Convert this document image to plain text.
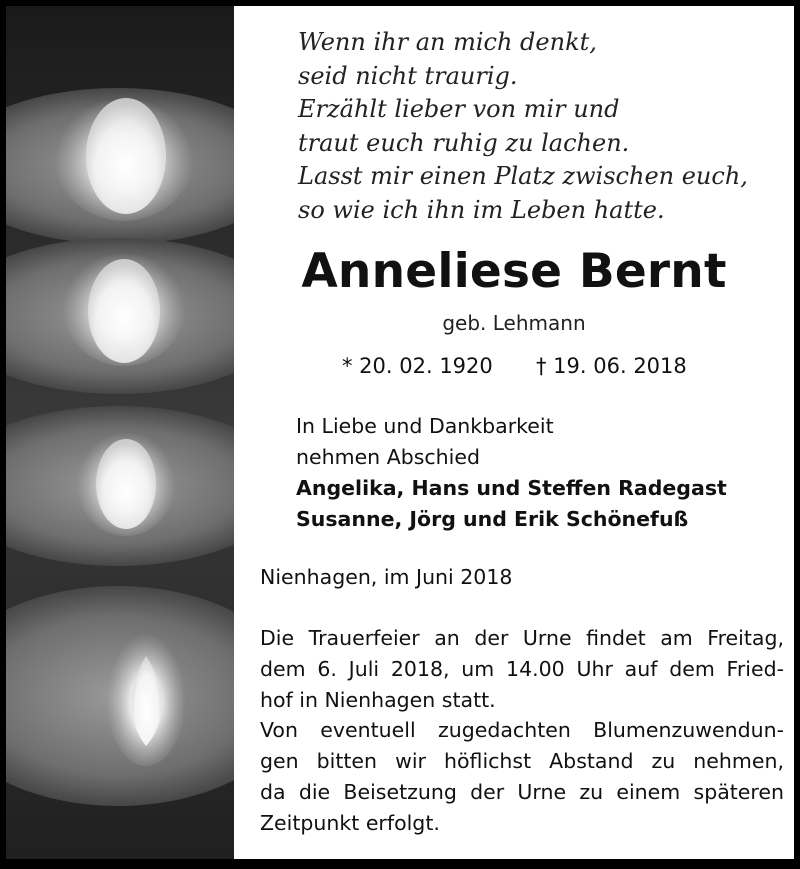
Wenn ihr an mich denkt,
seid nicht traurig.
Erzählt lieber von mir und
traut euch ruhig zu lachen.
Lasst mir einen Platz zwischen euch,
so wie ich ihn im Leben hatte.
Anneliese Bernt
geb. Lehmann
* 20. 02. 1920 † 19. 06. 2018
In Liebe und Dankbarkeit
nehmen Abschied
Angelika, Hans und Steffen Radegast
Susanne, Jörg und Erik Schönefuß
Nienhagen, im Juni 2018
Die Trauerfeier an der Urne findet am Freitag,
dem 6. Juli 2018, um 14.00 Uhr auf dem Fried-
hof in Nienhagen statt.
Von eventuell zugedachten Blumenzuwendun-
gen bitten wir höflichst Abstand zu nehmen,
da die Beisetzung der Urne zu einem späteren
Zeitpunkt erfolgt.
